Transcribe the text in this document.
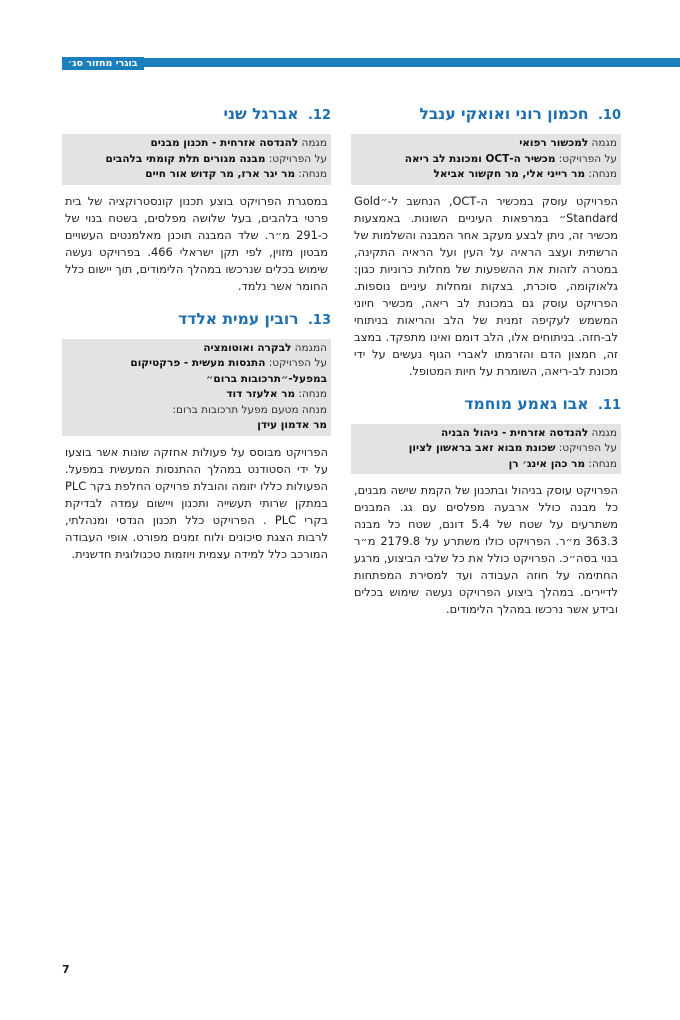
בוגרי מחזור סג׳
10. חכמון רוני ואואקי ענבל
מגמה למכשור רפואי
על הפרויקט: מכשיר ה-OCT ומכונת לב ריאה
מנחה: מר רייני אלי, מר חקשור אביאל

הפרויקט עוסק במכשיר ה-OCT, הנחשב ל-״Gold Standard״ במרפאות העיניים השונות. באמצעות מכשיר זה, ניתן לבצע מעקב אחר המבנה והשלמות של הרשתית ועצב הראיה על העין ועל הראיה התקינה, במטרה לזהות את ההשפעות של מחלות כרוניות כגון: גלאוקומה, סוכרת, בצקות ומחלות עיניים נוספות. הפרויקט עוסק גם במכונת לב ריאה, מכשיר חיוני המשמש לעקיפה זמנית של הלב והריאות בניתוחי לב-חזה. בניתוחים אלו, הלב דומם ואינו מתפקד. במצב זה, חמצון הדם והזרמתו לאברי הגוף נעשים על ידי מכונת לב-ריאה, השומרת על חיות המטופל.

11. אבו גאמע מוחמד
מגמה להנדסה אזרחית - ניהול הבניה
על הפרויקט: שכונת מבוא זאב בראשון לציון
מנחה: מר כהן אינג׳ רן

הפרויקט עוסק בניהול ובתכנון של הקמת שישה מבנים, כל מבנה כולל ארבעה מפלסים עם גג. המבנים משתרעים על שטח של 5.4 דונם, שטח כל מבנה 363.3 מ״ר. הפרויקט כולו משתרע על 2179.8 מ״ר בנוי בסה״כ. הפרויקט כולל את כל שלבי הביצוע, מרגע החתימה על חוזה העבודה ועד למסירת המפתחות לדיירים. במהלך ביצוע הפרויקט נעשה שימוש בכלים ובידע אשר נרכשו במהלך הלימודים.

12. אברגל שני
מגמה להנדסה אזרחית - תכנון מבנים
על הפרויקט: מבנה מגורים תלת קומתי בלהבים
מנחה: מר יגר ארז, מר קדוש אור חיים

במסגרת הפרויקט בוצע תכנון קונסטרוקציה של בית פרטי בלהבים, בעל שלושה מפלסים, בשטח בנוי של כ-291 מ״ר. שלד המבנה תוכנן מאלמנטים העשויים מבטון מזוין, לפי תקן ישראלי 466. בפרויקט נעשה שימוש בכלים שנרכשו במהלך הלימודים, תוך יישום כלל החומר אשר נלמד.

13. רובין עמית אלדד
המגמה לבקרה ואוטומציה
על הפרויקט: התנסות מעשית - פרקטיקום במפעל-״תרכובות ברום״
מנחה: מר אלעזר דוד
מנחה מטעם מפעל תרכובות ברום:
מר אדמון עידן

הפרויקט מבוסס על פעולות אחזקה שונות אשר בוצעו על ידי הסטודנט במהלך ההתנסות המעשית במפעל. הפעולות כללו יזומה והובלת פרויקט החלפת בקר PLC במתקן שרותי תעשייה ותכנון ויישום עמדה לבדיקת בקרי PLC . הפרויקט כלל תכנון הנדסי ומנהלתי, לרבות הצגת סיכונים ולוח זמנים מפורט. אופי העבודה המורכב כלל למידה עצמית ויוזמות טכנולוגית חדשנית.

7
